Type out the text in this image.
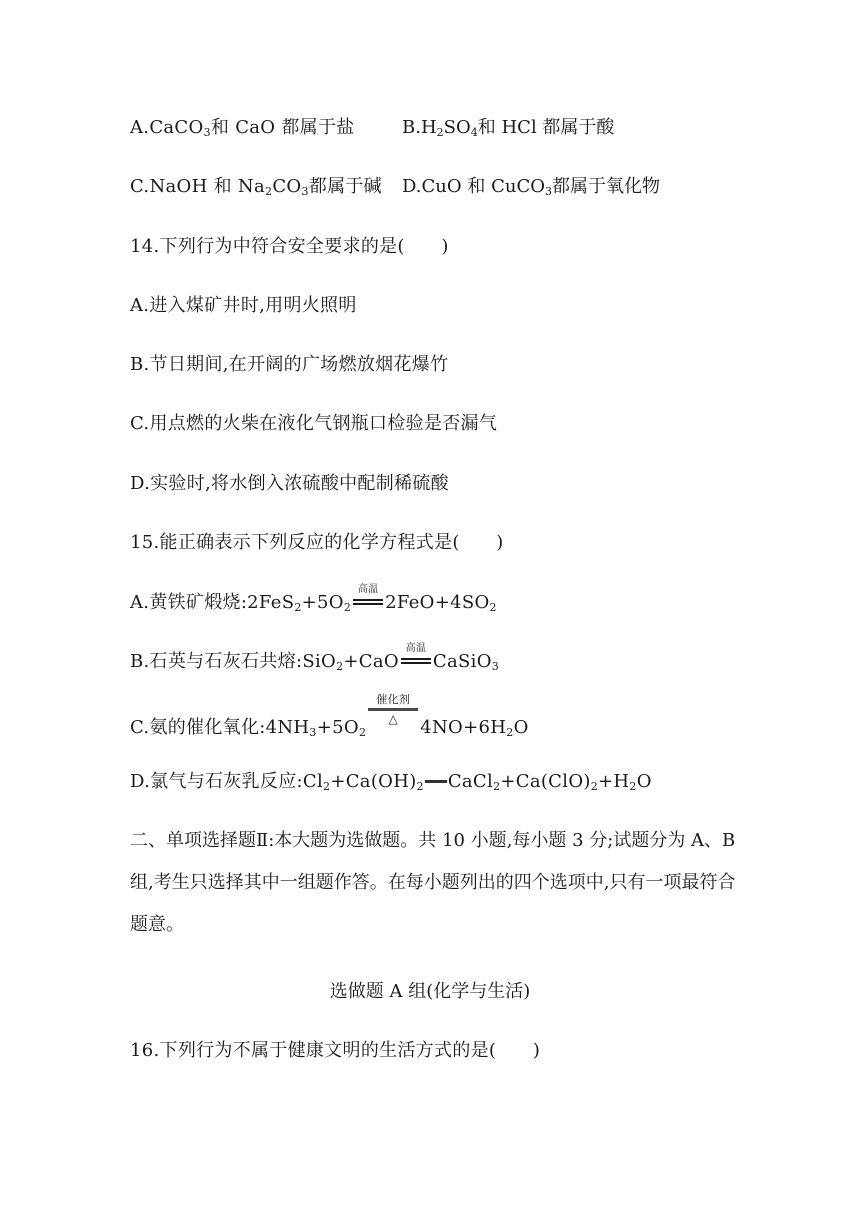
A.CaCO$_3$和 CaO 都属于盐	$B.H_2SO_4$和 HCl 都属于酸
C.NaOH 和 $Na_2CO_3$都属于碱 D.CuO 和 CuCO$_3$都属于氧化物
14.下列行为中符合安全要求的是(　　)
A.进入煤矿井时,用明火照明
B.节日期间,在开阔的广场燃放烟花爆竹
C.用点燃的火柴在液化气钢瓶口检验是否漏气
D.实验时,将水倒入浓硫酸中配制稀硫酸
15.能正确表示下列反应的化学方程式是(　　)
A.黄铁矿煅烧$:2FeS_2+5O_2$
高温
$2FeO+4SO_2$
B.石英与石灰石共熔:SiO$_2$+CaO
高温
CaSiO$_3$
C.氨的催化氧化$:4NH_3+5O_2$
催化剂
△	$4NO+6H_2O$
D.氯气与石灰乳反应$:Cl_2+Ca(OH)_2$ $CaCl_2+Ca(ClO)_2+H_2O$
二、单项选择题Ⅱ:本大题为选做题。共 10 小题,每小题 3 分;试题分为 A、B 组,考生只选择其中一组题作答。在每小题列出的四个选项中,只有一项最符合题意。
选做题 A 组(化学与生活)
16.下列行为不属于健康文明的生活方式的是(　　)
